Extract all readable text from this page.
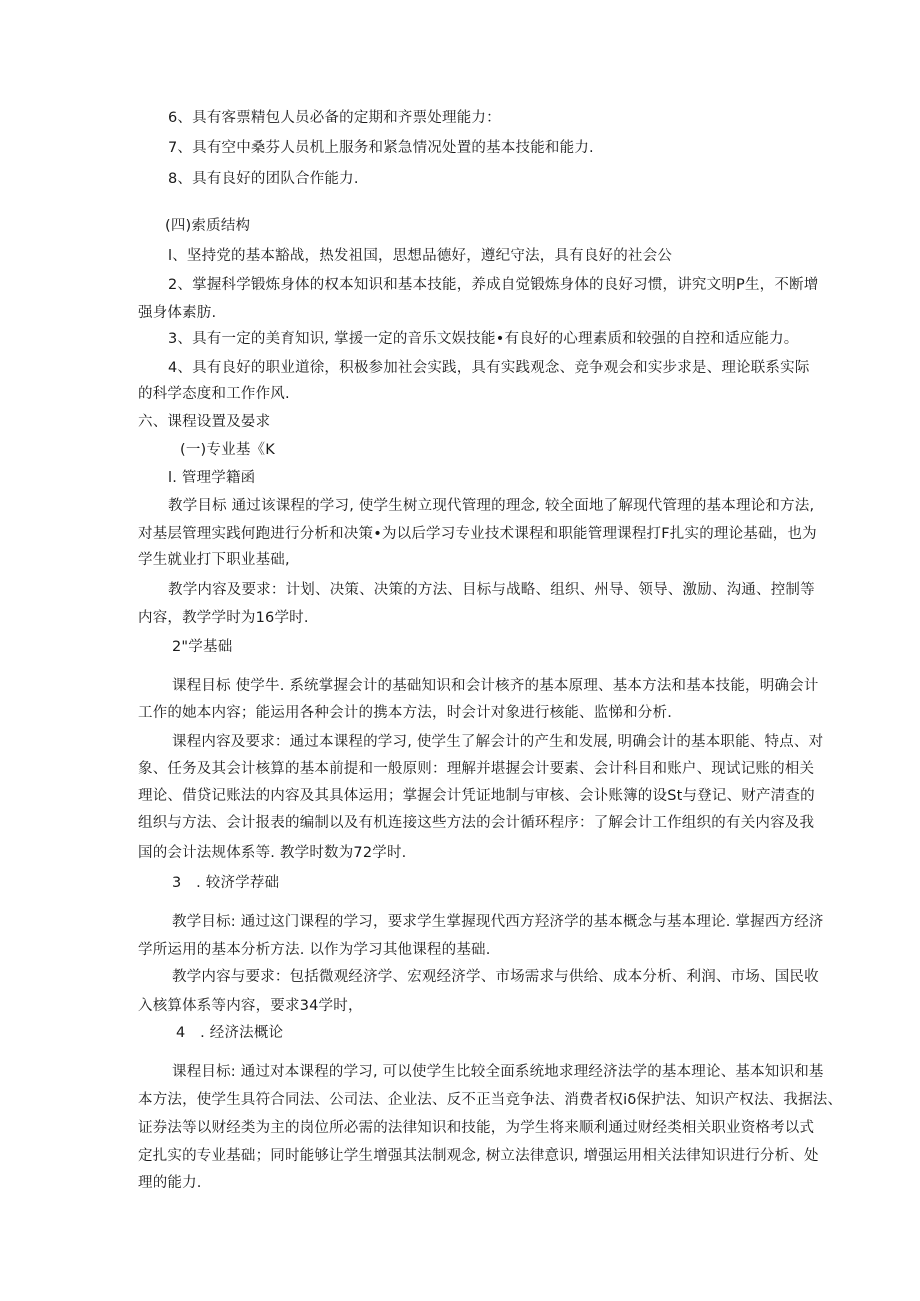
6、具有客票精包人员必备的定期和齐票处理能力：
7、具有空中桑芬人员机上服务和紧急情况处置的基本技能和能力.
8、具有良好的团队合作能力.
(四)索质结构
l、坚持党的基本豁战，热发祖国，思想品德好，遵纪守法，具有良好的社会公
2、掌握科学锻炼身体的权本知识和基本技能，养成自觉锻炼身体的良好习惯，讲究文明P生，不断增
强身体素肪.
3、具有一定的美育知识, 掌援一定的音乐文娱技能•有良好的心理素质和较强的自控和适应能力。
4、具有良好的职业道徐，积极参加社会实践，具有实践观念、竞争观会和实步求是、理论联系实际
的科学态度和工作作风.
六、课程设置及晏求
(一)专业基《K
l. 管理学籍函
教学目标 通过该课程的学习, 使学生树立现代管理的理念, 较全面地了解现代管理的基本理论和方法,
对基层管理实践何跑进行分析和决策•为以后学习专业技术课程和职能管理课程打F扎实的理论基础，也为
学生就业打下职业基础,
教学内容及要求：计划、决策、决策的方法、目标与战略、组织、州导、领导、激励、沟通、控制等
内容，教学学时为16学时.
2"学基础
课程目标 使学牛. 系统掌握会计的基础知识和会计核齐的基本原理、基本方法和基本技能，明确会计
工作的她本内容；能运用各种会计的携本方法，时会计对象进行核能、监悌和分析.
课程内容及要求：通过本课程的学习, 使学生了解会计的产生和发展, 明确会计的基本职能、特点、对
象、任务及其会计核算的基本前提和一般原则：理解并堪握会计要素、会计科目和账户、现试记账的相关
理论、借贷记账法的内容及其具体运用；掌握会计凭证地制与审核、会讣账簿的设St与登记、财产清查的
组织与方法、会计报表的编制以及有机连接这些方法的会计循环程序：了解会计工作组织的有关内容及我
国的会计法规体系等. 教学时数为72学时.
3　. 较济学荐础
教学目标: 通过这门课程的学习，要求学生掌握现代西方羟济学的基本概念与基本理论. 掌握西方经济
学所运用的基本分析方法. 以作为学习其他课程的基础.
教学内容与要求：包括微观经济学、宏观经济学、市场需求与供给、成本分析、利润、市场、国民收
入核算体系等内容，要求34学时，
4　. 经济法概论
课程目标: 通过对本课程的学习, 可以使学生比较全面系统地求理经济法学的基本理论、基本知识和基
本方法，使学生具符合同法、公司法、企业法、反不正当竞争法、消费者权iδ保护法、知识产权法、我据法、
证券法等以财经类为主的岗位所必需的法律知识和技能，为学生将来顺利通过财经类相关职业资格考以式
定扎实的专业基础；同时能够让学生增强其法制观念, 树立法律意识, 增强运用相关法律知识进行分析、处
理的能力.
